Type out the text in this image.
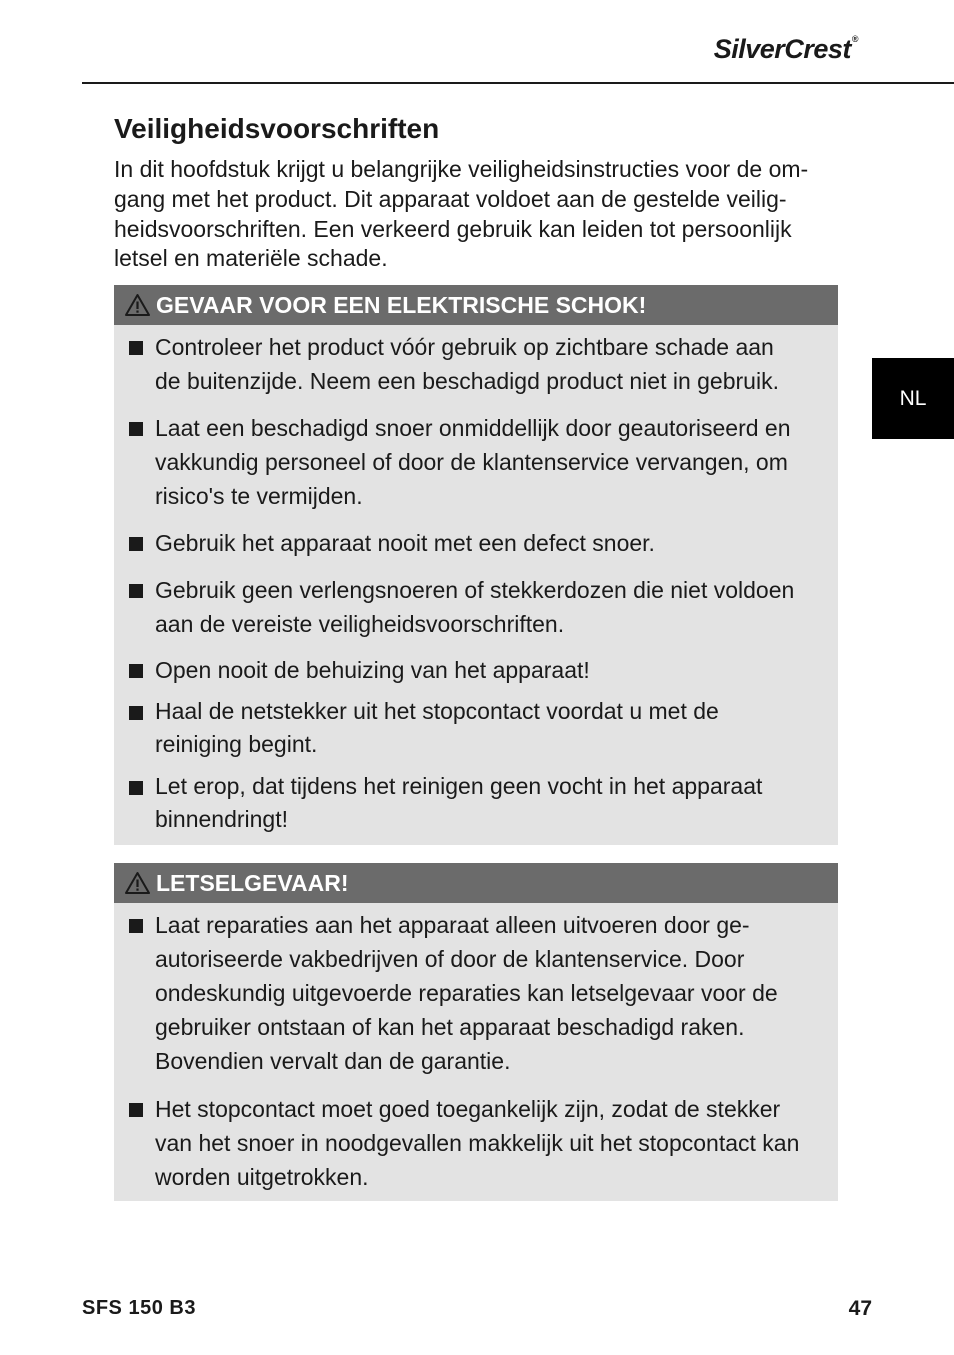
SilverCrest®
Veiligheidsvoorschriften
In dit hoofdstuk krijgt u belangrijke veiligheidsinstructies voor de om-
gang met het product. Dit apparaat voldoet aan de gestelde veilig-
heidsvoorschriften. Een verkeerd gebruik kan leiden tot persoonlijk
letsel en materiële schade.
GEVAAR VOOR EEN ELEKTRISCHE SCHOK!
Controleer het product vóór gebruik op zichtbare schade aan
de buitenzijde. Neem een beschadigd product niet in gebruik.
Laat een beschadigd snoer onmiddellijk door geautoriseerd en
vakkundig personeel of door de klantenservice vervangen, om
risico's te vermijden.
Gebruik het apparaat nooit met een defect snoer.
Gebruik geen verlengsnoeren of stekkerdozen die niet voldoen
aan de vereiste veiligheidsvoorschriften.
Open nooit de behuizing van het apparaat!
Haal de netstekker uit het stopcontact voordat u met de
reiniging begint.
Let erop, dat tijdens het reinigen geen vocht in het apparaat
binnendringt!
LETSELGEVAAR!
Laat reparaties aan het apparaat alleen uitvoeren door ge-
autoriseerde vakbedrijven of door de klantenservice. Door
ondeskundig uitgevoerde reparaties kan letselgevaar voor de
gebruiker ontstaan of kan het apparaat beschadigd raken.
Bovendien vervalt dan de garantie.
Het stopcontact moet goed toegankelijk zijn, zodat de stekker
van het snoer in noodgevallen makkelijk uit het stopcontact kan
worden uitgetrokken.
NL
SFS 150 B3	47
